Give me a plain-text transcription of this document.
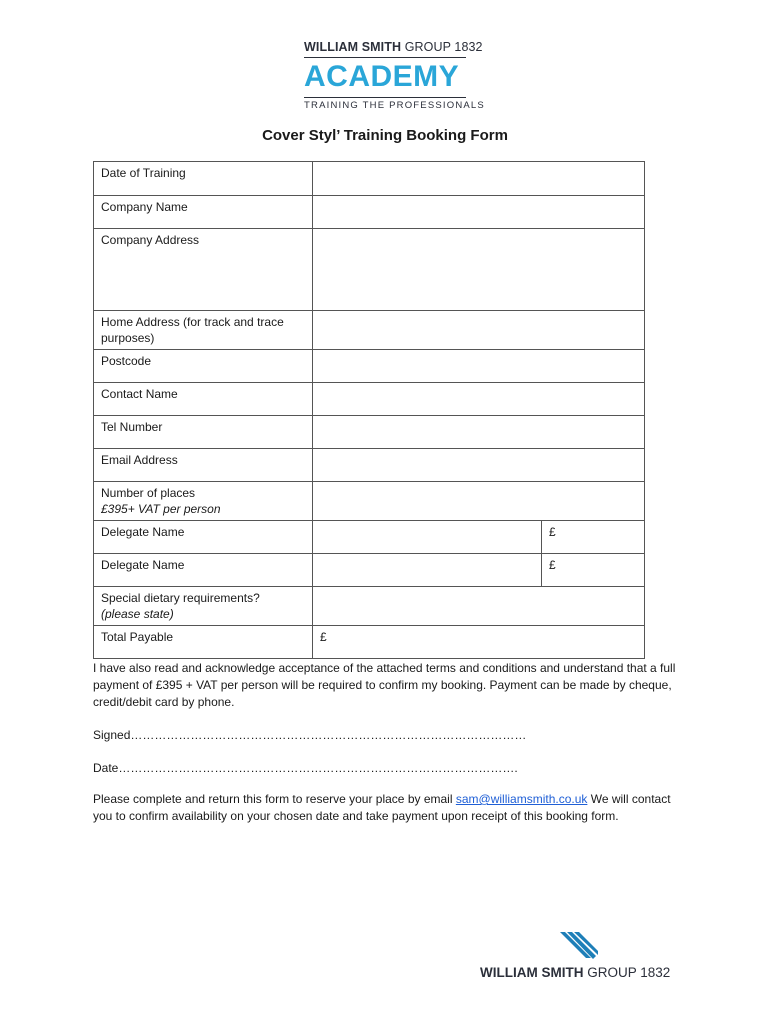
WILLIAM SMITH GROUP 1832
ACADEMY
TRAINING THE PROFESSIONALS
Cover Styl’ Training Booking Form
Date of Training		
Company Name		
Company Address		
Home Address (for track and trace purposes)		
Postcode		
Contact Name		
Tel Number		
Email Address		

Number of places
£395+ VAT per person		

Delegate Name		£
Delegate Name		£

Special dietary requirements?
(please state)		

Total Payable	£	
I have also read and acknowledge acceptance of the attached terms and conditions and understand that a full payment of £395 + VAT per person will be required to confirm my booking. Payment can be made by cheque, credit/debit card by phone.
Signed………………………………………………………………………………………
Date……………………………………………………………………………………….
Please complete and return this form to reserve your place by email sam@williamsmith.co.uk We will contact you to confirm availability on your chosen date and take payment upon receipt of this booking form.
WILLIAM SMITH GROUP 1832
